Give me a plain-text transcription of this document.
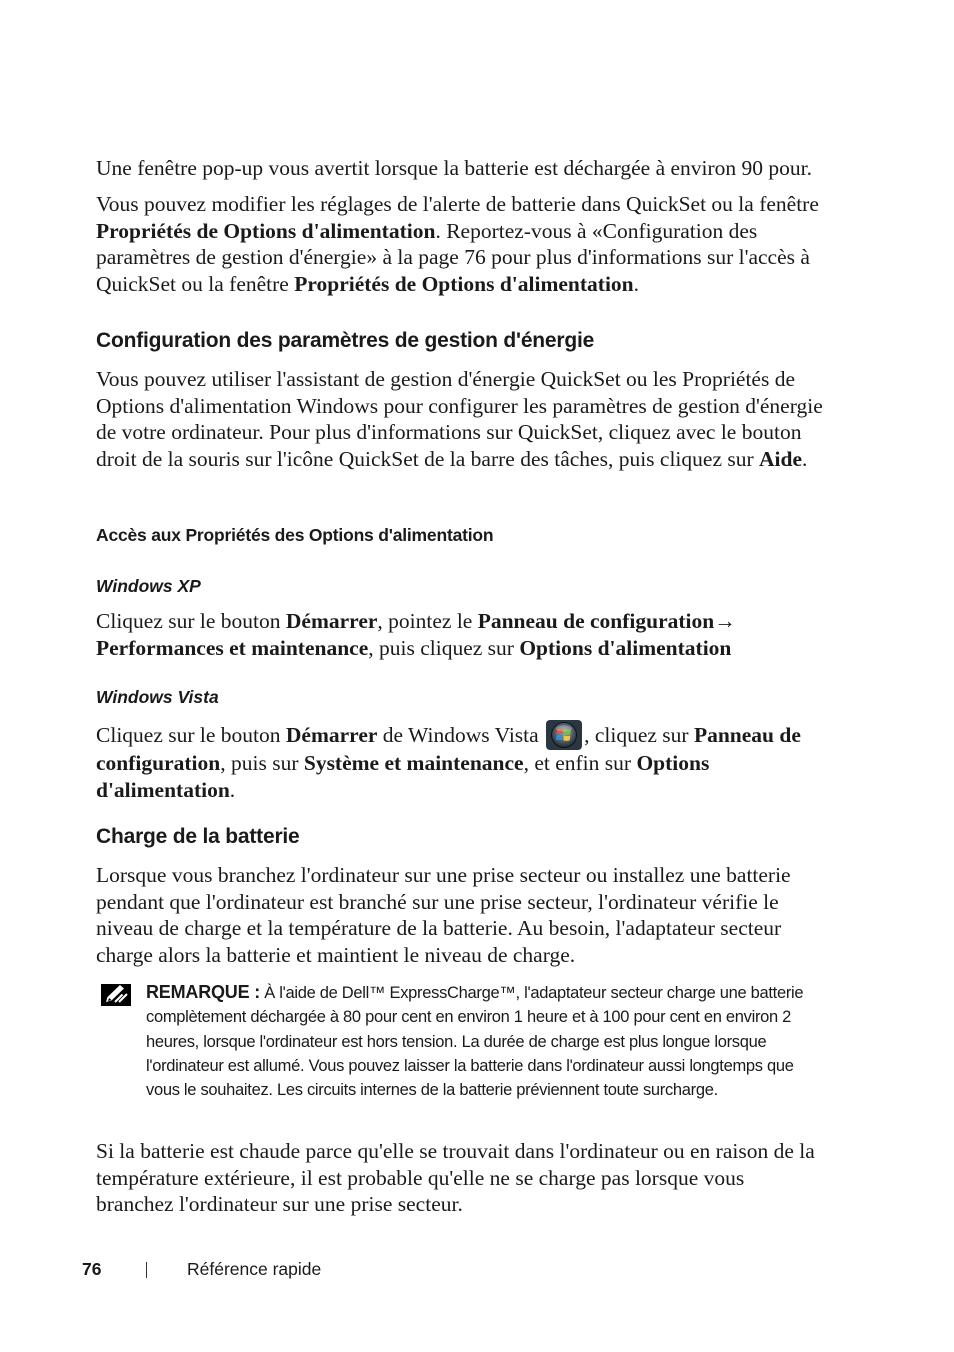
Une fenêtre pop-up vous avertit lorsque la batterie est déchargée à environ 90 pour.

Vous pouvez modifier les réglages de l'alerte de batterie dans QuickSet ou la fenêtre Propriétés de Options d'alimentation. Reportez-vous à «Configuration des paramètres de gestion d'énergie» à la page 76 pour plus d'informations sur l'accès à QuickSet ou la fenêtre Propriétés de Options d'alimentation.

Configuration des paramètres de gestion d'énergie

Vous pouvez utiliser l'assistant de gestion d'énergie QuickSet ou les Propriétés de Options d'alimentation Windows pour configurer les paramètres de gestion d'énergie de votre ordinateur. Pour plus d'informations sur QuickSet, cliquez avec le bouton droit de la souris sur l'icône QuickSet de la barre des tâches, puis cliquez sur Aide.

Accès aux Propriétés des Options d'alimentation
Windows XP

Cliquez sur le bouton Démarrer, pointez le Panneau de configuration→ Performances et maintenance, puis cliquez sur Options d'alimentation

Windows Vista

Cliquez sur le bouton Démarrer de Windows Vista , cliquez sur Panneau de configuration, puis sur Système et maintenance, et enfin sur Options d'alimentation.

Charge de la batterie

Lorsque vous branchez l'ordinateur sur une prise secteur ou installez une batterie pendant que l'ordinateur est branché sur une prise secteur, l'ordinateur vérifie le niveau de charge et la température de la batterie. Au besoin, l'adaptateur secteur charge alors la batterie et maintient le niveau de charge.

REMARQUE : À l'aide de Dell™ ExpressCharge™, l'adaptateur secteur charge une batterie complètement déchargée à 80 pour cent en environ 1 heure et à 100 pour cent en environ 2 heures, lorsque l'ordinateur est hors tension. La durée de charge est plus longue lorsque l'ordinateur est allumé. Vous pouvez laisser la batterie dans l'ordinateur aussi longtemps que vous le souhaitez. Les circuits internes de la batterie préviennent toute surcharge.

Si la batterie est chaude parce qu'elle se trouvait dans l'ordinateur ou en raison de la température extérieure, il est probable qu'elle ne se charge pas lorsque vous branchez l'ordinateur sur une prise secteur.

76	Référence rapide
